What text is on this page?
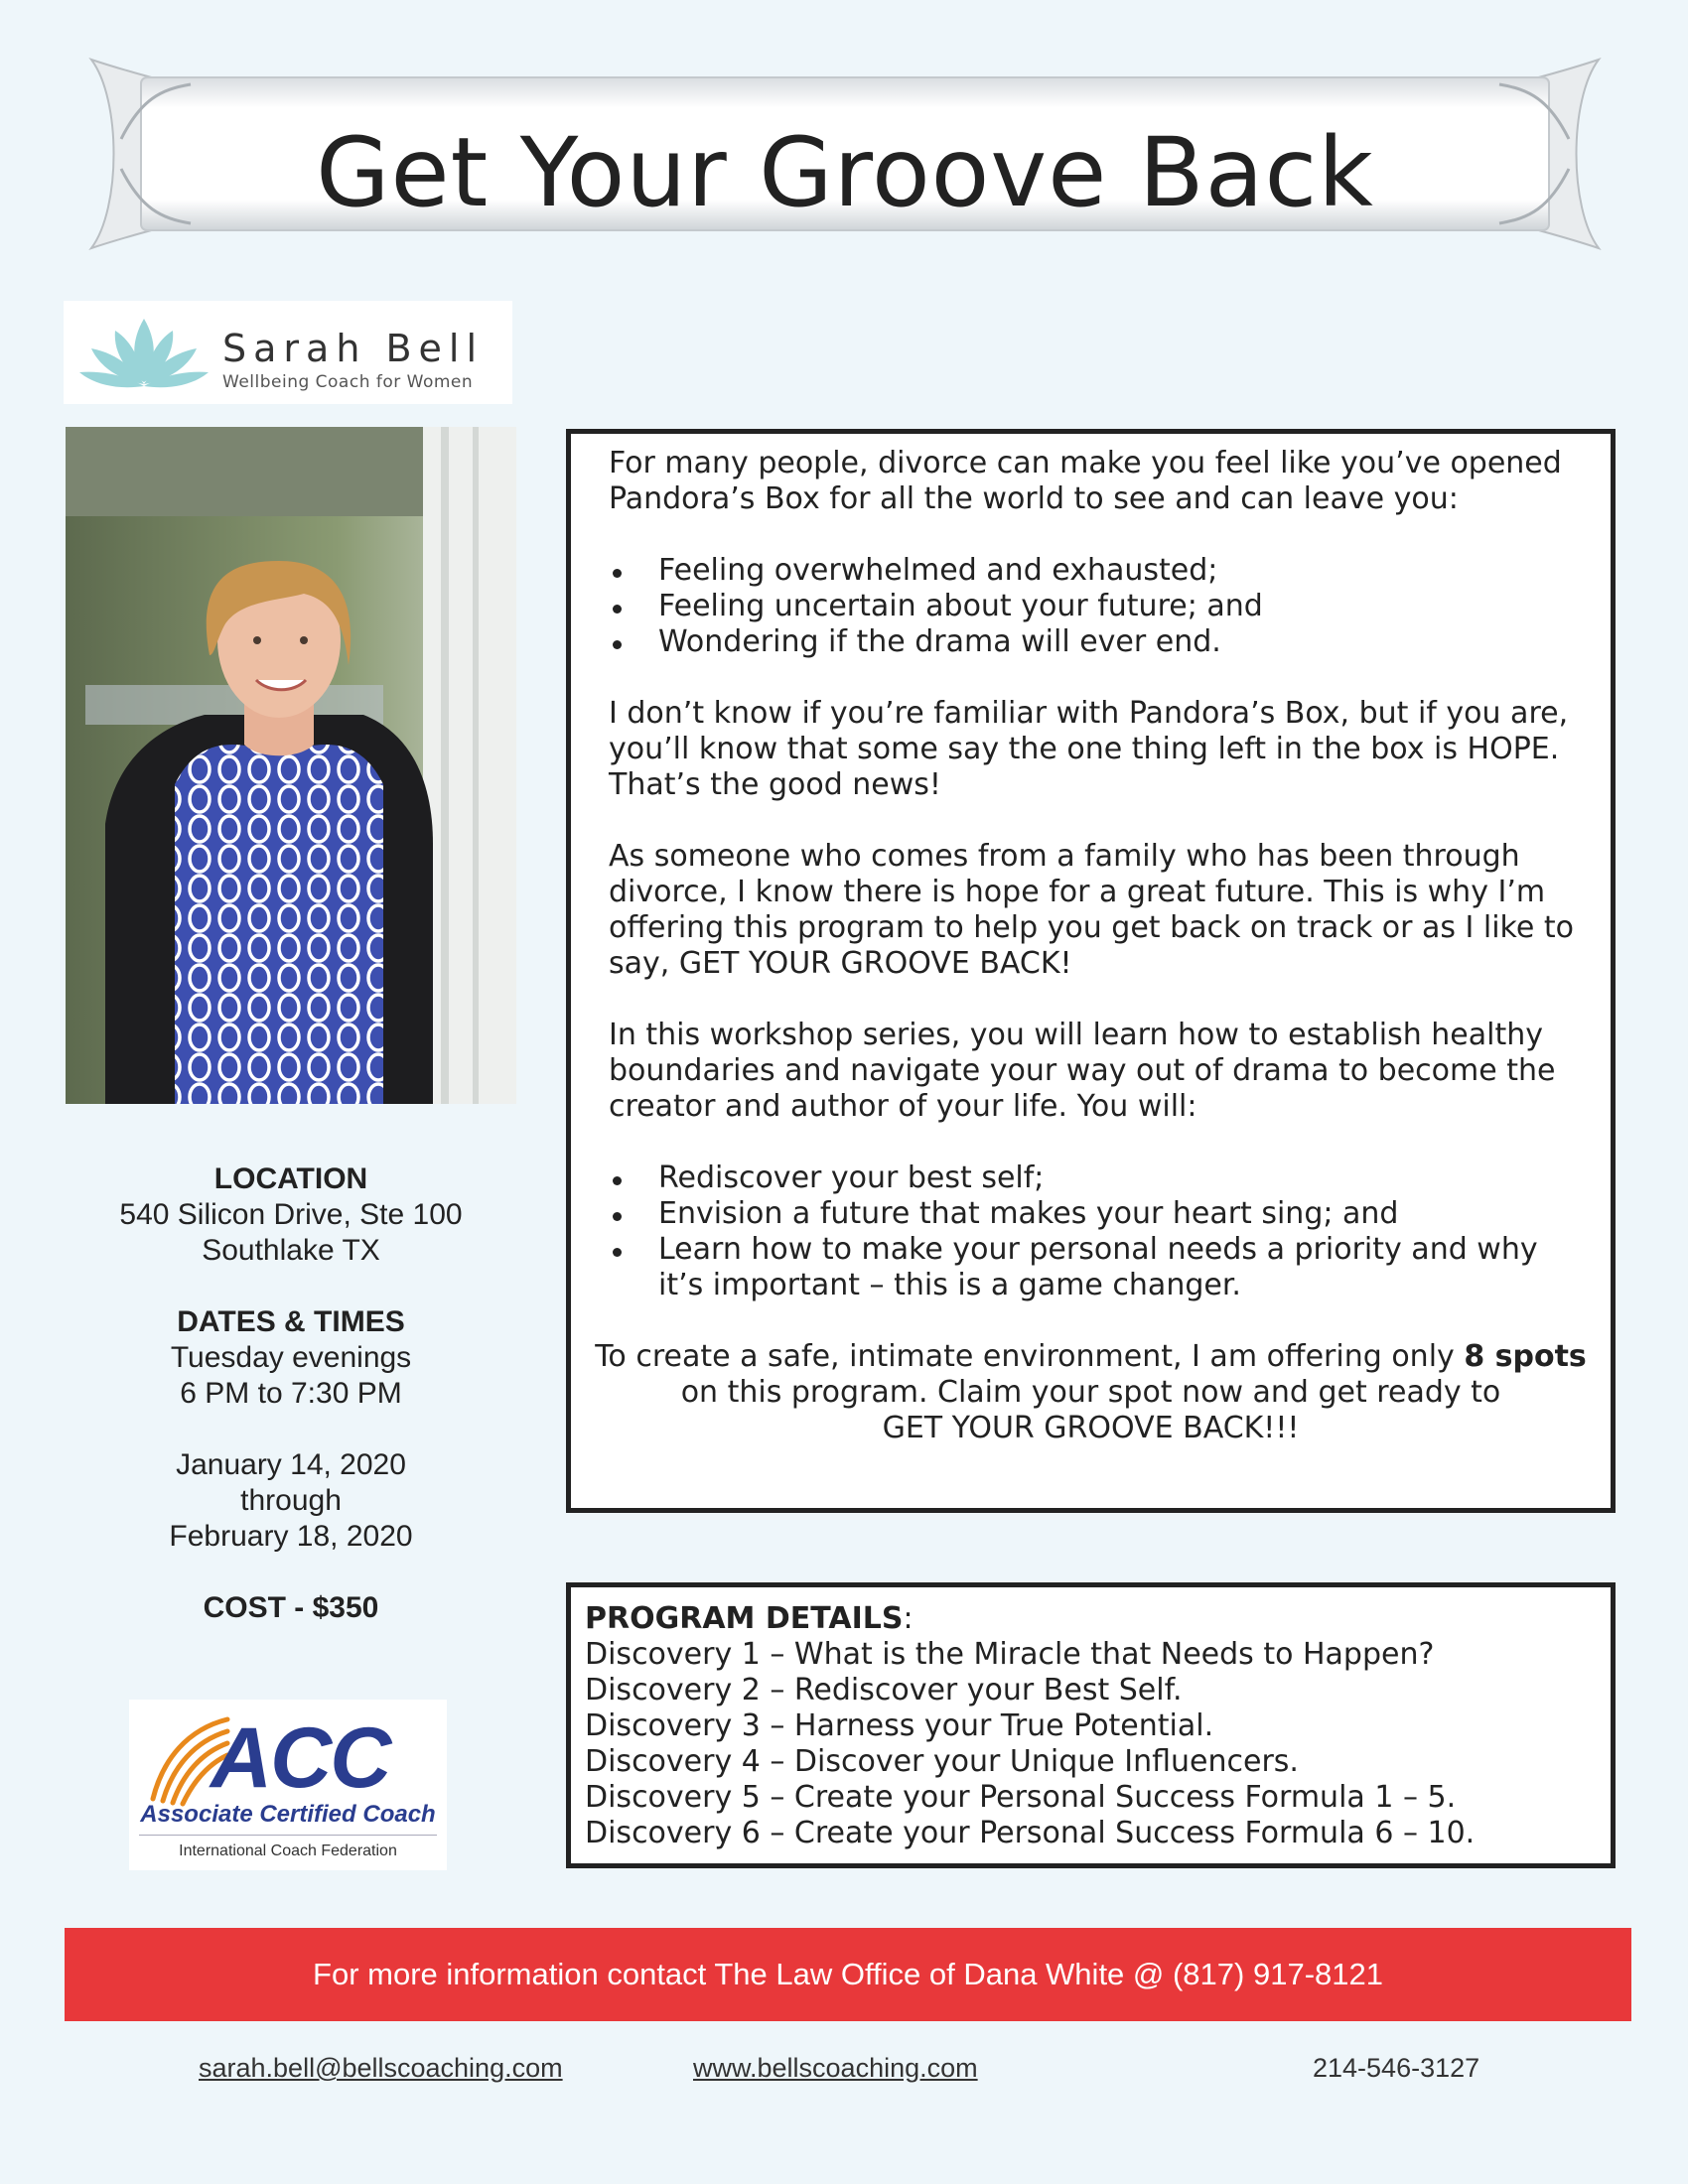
Get Your Groove Back
Sarah Bell
Wellbeing Coach for Women
LOCATION
540 Silicon Drive, Ste 100
Southlake TX
DATES & TIMES
Tuesday evenings
6 PM to 7:30 PM
January 14, 2020
through
February 18, 2020
COST - $350

For many people, divorce can make you feel like you’ve opened Pandora’s Box for all the world to see and can leave you:

Feeling overwhelmed and exhausted;
Feeling uncertain about your future; and
Wondering if the drama will ever end.

I don’t know if you’re familiar with Pandora’s Box, but if you are, you’ll know that some say the one thing left in the box is HOPE. That’s the good news!

As someone who comes from a family who has been through divorce, I know there is hope for a great future. This is why I’m offering this program to help you get back on track or as I like to say, GET YOUR GROOVE BACK!

In this workshop series, you will learn how to establish healthy boundaries and navigate your way out of drama to become the creator and author of your life. You will:

Rediscover your best self;
Envision a future that makes your heart sing; and
Learn how to make your personal needs a priority and why it’s important – this is a game changer.

To create a safe, intimate environment, I am offering only 8 spots on this program. Claim your spot now and get ready to
GET YOUR GROOVE BACK!!!

PROGRAM DETAILS:
Discovery 1 – What is the Miracle that Needs to Happen?
Discovery 2 – Rediscover your Best Self.
Discovery 3 – Harness your True Potential.
Discovery 4 – Discover your Unique Influencers.
Discovery 5 – Create your Personal Success Formula 1 – 5.
Discovery 6 – Create your Personal Success Formula 6 – 10.
ACC
Associate Certified Coach
International Coach Federation
For more information contact The Law Office of Dana White @ (817) 917-8121
sarah.bell@bellscoaching.com	www.bellscoaching.com	214-546-3127
